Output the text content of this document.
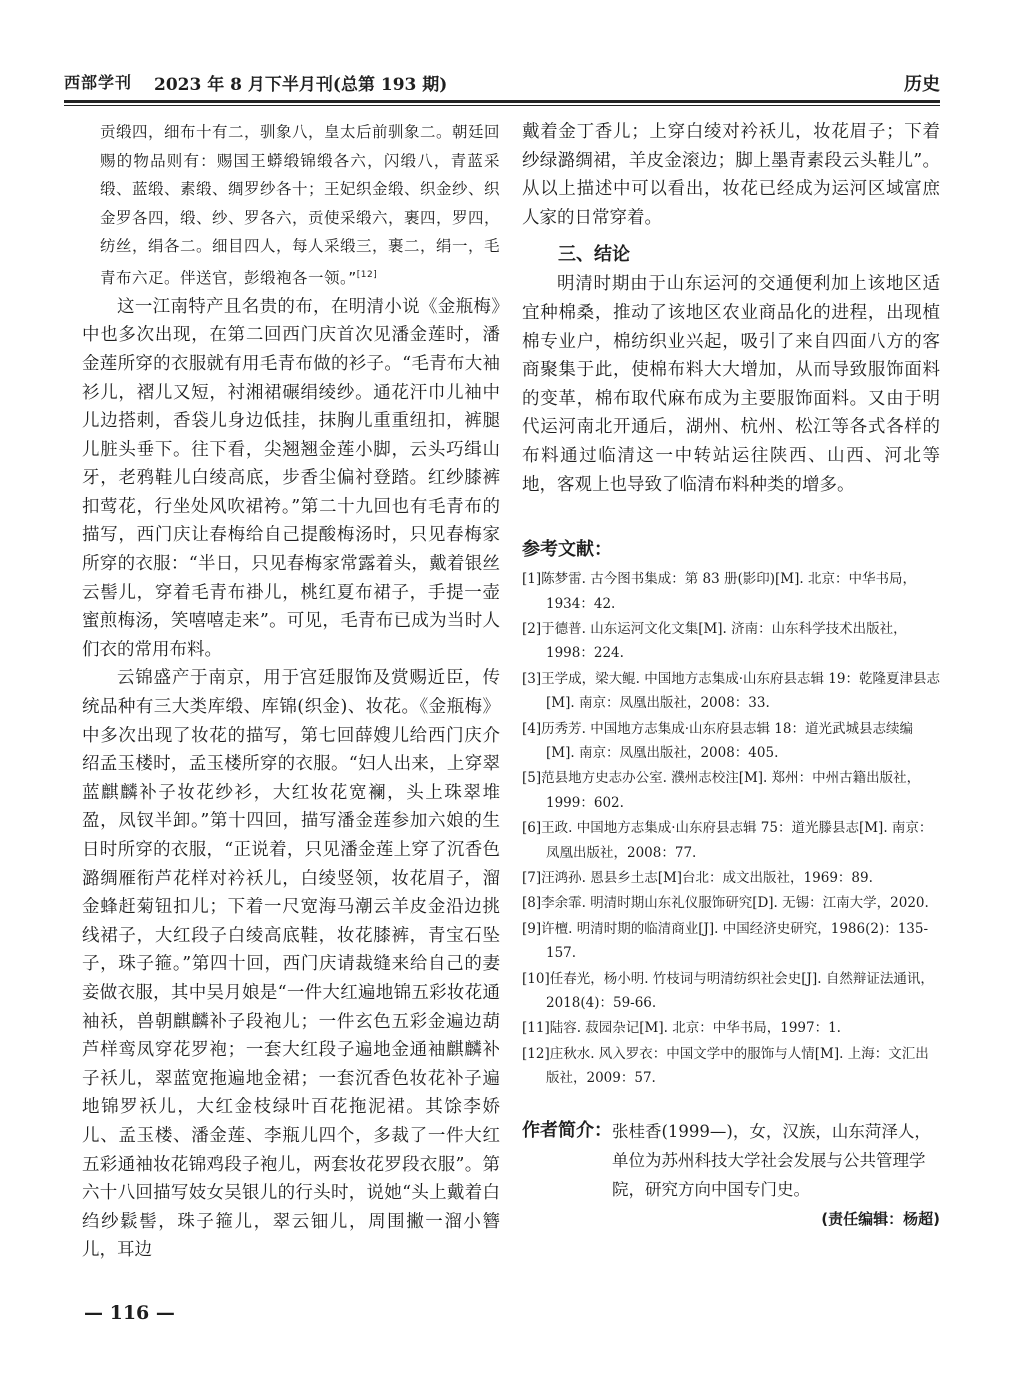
西部学刊 2023 年 8 月下半月刊(总第 193 期)	历史

贡缎四，细布十有二，驯象八，皇太后前驯象二。朝廷回赐的物品则有：赐国王蟒缎锦缎各六，闪缎八，青蓝采缎、蓝缎、素缎、绸罗纱各十；王妃织金缎、织金纱、织金罗各四，缎、纱、罗各六，贡使采缎六，裹四，罗四，纺丝，绢各二。细目四人，每人采缎三，裹二，绢一，毛青布六疋。伴送官，彭缎袍各一领。”[12]

这一江南特产且名贵的布，在明清小说《金瓶梅》中也多次出现，在第二回西门庆首次见潘金莲时，潘金莲所穿的衣服就有用毛青布做的衫子。“毛青布大袖衫儿，褶儿又短，衬湘裙碾绢绫纱。通花汗巾儿袖中儿边搭刺，香袋儿身边低挂，抹胸儿重重纽扣，裤腿儿脏头垂下。往下看，尖翘翘金莲小脚，云头巧缉山牙，老鸦鞋儿白绫高底，步香尘偏衬登踏。红纱膝裤扣莺花，行坐处风吹裙袴。”第二十九回也有毛青布的描写，西门庆让春梅给自己提酸梅汤时，只见春梅家所穿的衣服：“半日，只见春梅家常露着头，戴着银丝云髻儿，穿着毛青布褂儿，桃红夏布裙子，手提一壶蜜煎梅汤，笑嘻嘻走来”。可见，毛青布已成为当时人们衣的常用布料。

云锦盛产于南京，用于宫廷服饰及赏赐近臣，传统品种有三大类库缎、库锦(织金)、妆花。《金瓶梅》中多次出现了妆花的描写，第七回薛嫂儿给西门庆介绍孟玉楼时，孟玉楼所穿的衣服。“妇人出来，上穿翠蓝麒麟补子妆花纱衫，大红妆花宽襕，头上珠翠堆盈，凤钗半卸。”第十四回，描写潘金莲参加六娘的生日时所穿的衣服，“正说着，只见潘金莲上穿了沉香色潞绸雁衔芦花样对衿袄儿，白绫竖领，妆花眉子，溜金蜂赶菊钮扣儿；下着一尺宽海马潮云羊皮金沿边挑线裙子，大红段子白绫高底鞋，妆花膝裤，青宝石坠子，珠子箍。”第四十回，西门庆请裁缝来给自己的妻妾做衣服，其中吴月娘是“一件大红遍地锦五彩妆花通袖袄，兽朝麒麟补子段袍儿；一件玄色五彩金遍边葫芦样鸾凤穿花罗袍；一套大红段子遍地金通袖麒麟补子袄儿，翠蓝宽拖遍地金裙；一套沉香色妆花补子遍地锦罗袄儿，大红金枝绿叶百花拖泥裙。其馀李娇儿、孟玉楼、潘金莲、李瓶儿四个，多裁了一件大红五彩通袖妆花锦鸡段子袍儿，两套妆花罗段衣服”。第六十八回描写妓女吴银儿的行头时，说她“头上戴着白绉纱鬏髻，珠子箍儿，翠云钿儿，周围撇一溜小簪儿，耳边

戴着金丁香儿；上穿白绫对衿袄儿，妆花眉子；下着纱绿潞绸裙，羊皮金滚边；脚上墨青素段云头鞋儿”。从以上描述中可以看出，妆花已经成为运河区域富庶人家的日常穿着。

三、结论

明清时期由于山东运河的交通便利加上该地区适宜种棉桑，推动了该地区农业商品化的进程，出现植棉专业户，棉纺织业兴起，吸引了来自四面八方的客商聚集于此，使棉布料大大增加，从而导致服饰面料的变革，棉布取代麻布成为主要服饰面料。又由于明代运河南北开通后，湖州、杭州、松江等各式各样的布料通过临清这一中转站运往陕西、山西、河北等地，客观上也导致了临清布料种类的增多。

参考文献：
[1]陈梦雷. 古今图书集成：第 83 册(影印)[M]. 北京：中华书局，1934：42.
[2]于德普. 山东运河文化文集[M]. 济南：山东科学技术出版社，1998：224.
[3]王学成，梁大鲲. 中国地方志集成·山东府县志辑 19：乾隆夏津县志[M]. 南京：凤凰出版社，2008：33.
[4]历秀芳. 中国地方志集成·山东府县志辑 18：道光武城县志续编[M]. 南京：凤凰出版社，2008：405.
[5]范县地方史志办公室. 濮州志校注[M]. 郑州：中州古籍出版社，1999：602.
[6]王政. 中国地方志集成·山东府县志辑 75：道光滕县志[M]. 南京：凤凰出版社，2008：77.
[7]汪鸿孙. 恩县乡土志[M]台北：成文出版社，1969：89.
[8]李余霏. 明清时期山东礼仪服饰研究[D]. 无锡：江南大学，2020.
[9]许檀. 明清时期的临清商业[J]. 中国经济史研究，1986(2)：135-157.
[10]任春光，杨小明. 竹枝词与明清纺织社会史[J]. 自然辩证法通讯，2018(4)：59-66.
[11]陆容. 菽园杂记[M]. 北京：中华书局，1997：1.
[12]庄秋水. 风入罗衣：中国文学中的服饰与人情[M]. 上海：文汇出版社，2009：57.
作者简介： 张桂香(1999—)，女，汉族，山东菏泽人，单位为苏州科技大学社会发展与公共管理学院，研究方向中国专门史。
(责任编辑：杨超)
— 116 —
